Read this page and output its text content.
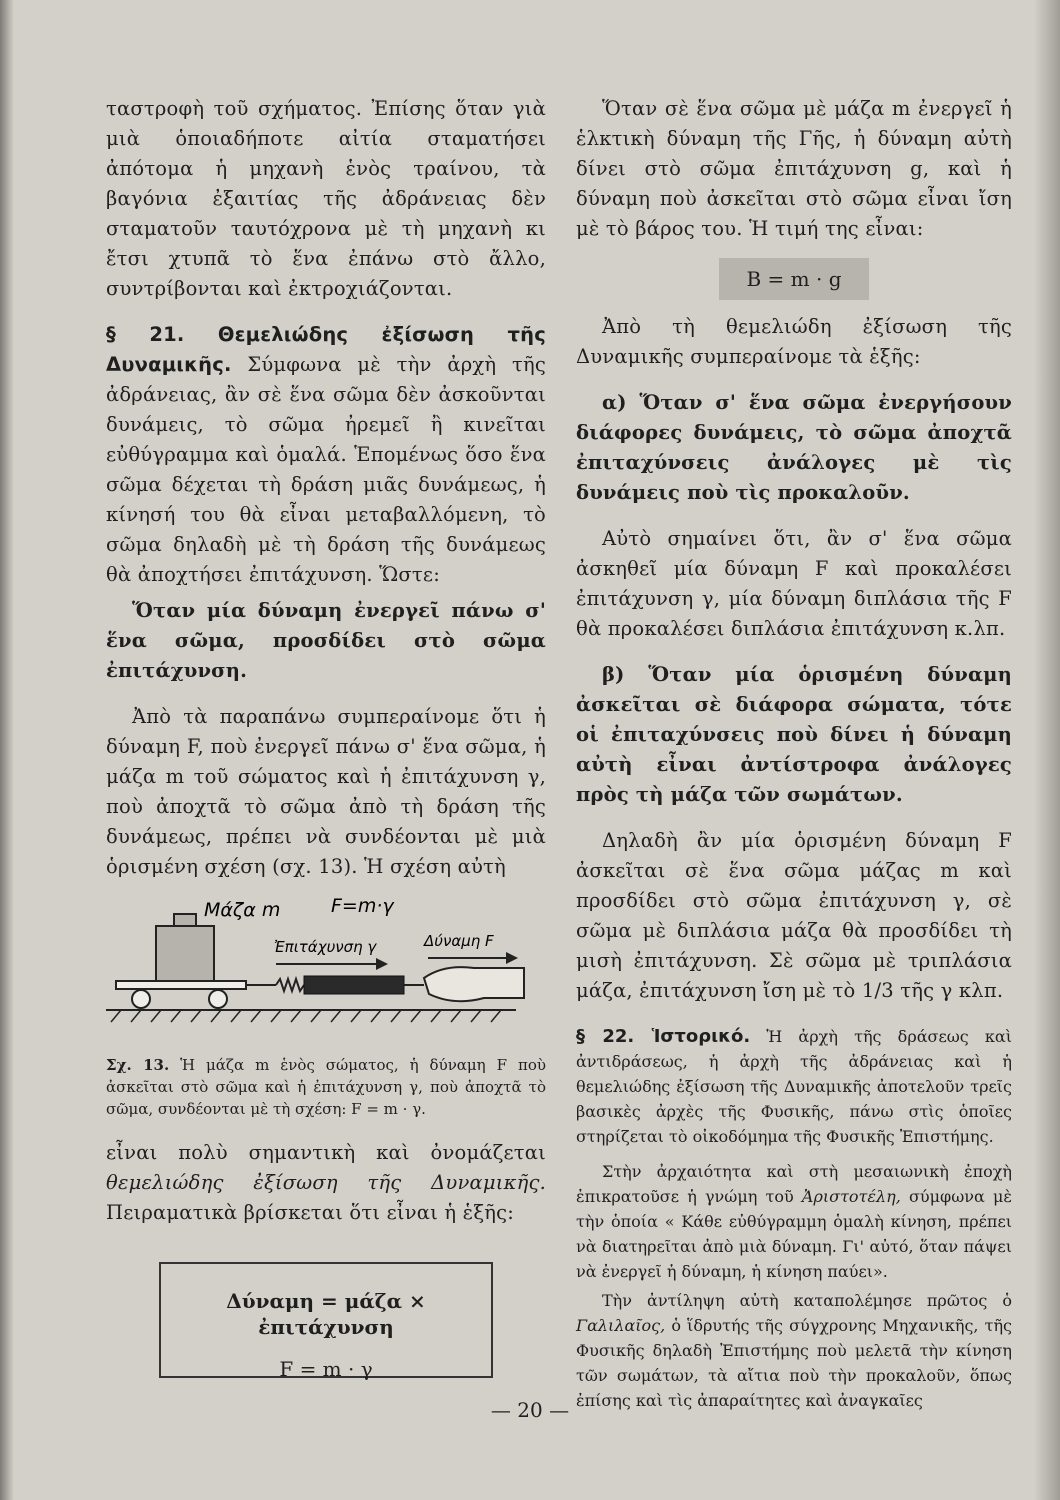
ταστροφὴ τοῦ σχήματος. Ἐπίσης ὅταν γιὰ μιὰ ὁποιαδήποτε αἰτία σταματήσει ἀπότομα ἡ μηχανὴ ἑνὸς τραίνου, τὰ βαγόνια ἐξαιτίας τῆς ἀδράνειας δὲν σταματοῦν ταυτόχρονα μὲ τὴ μηχανὴ κι ἔτσι χτυπᾶ τὸ ἕνα ἐπάνω στὸ ἄλλο, συντρίβονται καὶ ἐκτροχιάζονται.

§ 21. Θεμελιώδης ἐξίσωση τῆς Δυναμικῆς. Σύμφωνα μὲ τὴν ἀρχὴ τῆς ἀδράνειας, ἂν σὲ ἕνα σῶμα δὲν ἀσκοῦνται δυνάμεις, τὸ σῶμα ἠρεμεῖ ἢ κινεῖται εὐθύγραμμα καὶ ὁμαλά. Ἑπομένως ὅσο ἕνα σῶμα δέχεται τὴ δράση μιᾶς δυνάμεως, ἡ κίνησή του θὰ εἶναι μεταβαλλόμενη, τὸ σῶμα δηλαδὴ μὲ τὴ δράση τῆς δυνάμεως θὰ ἀποχτήσει ἐπιτάχυνση. Ὥστε:

Ὅταν μία δύναμη ἐνεργεῖ πάνω σ' ἕνα σῶμα, προσδίδει στὸ σῶμα ἐπιτάχυνση.

Ἀπὸ τὰ παραπάνω συμπεραίνομε ὅτι ἡ δύναμη F, ποὺ ἐνεργεῖ πάνω σ' ἕνα σῶμα, ἡ μάζα m τοῦ σώματος καὶ ἡ ἐπιτάχυνση γ, ποὺ ἀποχτᾶ τὸ σῶμα ἀπὸ τὴ δράση τῆς δυνάμεως, πρέπει νὰ συνδέονται μὲ μιὰ ὁρισμένη σχέση (σχ. 13). Ἡ σχέση αὐτὴ

Μάζα m	F=m·γ
Ἐπιτάχυνση γ	Δύναμη F

Σχ. 13. Ἡ μάζα m ἑνὸς σώματος, ἡ δύναμη F ποὺ ἀσκεῖται στὸ σῶμα καὶ ἡ ἐπιτάχυνση γ, ποὺ ἀποχτᾶ τὸ σῶμα, συνδέονται μὲ τὴ σχέση: F = m · γ.

εἶναι πολὺ σημαντικὴ καὶ ὀνομάζεται θεμελιώδης ἐξίσωση τῆς Δυναμικῆς. Πειραματικὰ βρίσκεται ὅτι εἶναι ἡ ἑξῆς:

Δύναμη = μάζα × ἐπιτάχυνση

F = m · γ

Ὅταν σὲ ἕνα σῶμα μὲ μάζα m ἐνεργεῖ ἡ ἑλκτικὴ δύναμη τῆς Γῆς, ἡ δύναμη αὐτὴ δίνει στὸ σῶμα ἐπιτάχυνση g, καὶ ἡ δύναμη ποὺ ἀσκεῖται στὸ σῶμα εἶναι ἴση μὲ τὸ βάρος του. Ἡ τιμή της εἶναι:

B = m · g

Ἀπὸ τὴ θεμελιώδη ἐξίσωση τῆς Δυναμικῆς συμπεραίνομε τὰ ἑξῆς:

α) Ὅταν σ' ἕνα σῶμα ἐνεργήσουν διάφορες δυνάμεις, τὸ σῶμα ἀποχτᾶ ἐπιταχύνσεις ἀνάλογες μὲ τὶς δυνάμεις ποὺ τὶς προκαλοῦν.

Αὐτὸ σημαίνει ὅτι, ἂν σ' ἕνα σῶμα ἀσκηθεῖ μία δύναμη F καὶ προκαλέσει ἐπιτάχυνση γ, μία δύναμη διπλάσια τῆς F θὰ προκαλέσει διπλάσια ἐπιτάχυνση κ.λπ.

β) Ὅταν μία ὁρισμένη δύναμη ἀσκεῖται σὲ διάφορα σώματα, τότε οἱ ἐπιταχύνσεις ποὺ δίνει ἡ δύναμη αὐτὴ εἶναι ἀντίστροφα ἀνάλογες πρὸς τὴ μάζα τῶν σωμάτων.

Δηλαδὴ ἂν μία ὁρισμένη δύναμη F ἀσκεῖται σὲ ἕνα σῶμα μάζας m καὶ προσδίδει στὸ σῶμα ἐπιτάχυνση γ, σὲ σῶμα μὲ διπλάσια μάζα θὰ προσδίδει τὴ μισὴ ἐπιτάχυνση. Σὲ σῶμα μὲ τριπλάσια μάζα, ἐπιτάχυνση ἴση μὲ τὸ 1/3 τῆς γ κλπ.

§ 22. Ἱστορικό. Ἡ ἀρχὴ τῆς δράσεως καὶ ἀντιδράσεως, ἡ ἀρχὴ τῆς ἀδράνειας καὶ ἡ θεμελιώδης ἐξίσωση τῆς Δυναμικῆς ἀποτελοῦν τρεῖς βασικὲς ἀρχὲς τῆς Φυσικῆς, πάνω στὶς ὁποῖες στηρίζεται τὸ οἰκοδόμημα τῆς Φυσικῆς Ἐπιστήμης.

Στὴν ἀρχαιότητα καὶ στὴ μεσαιωνικὴ ἐποχὴ ἐπικρατοῦσε ἡ γνώμη τοῦ Ἀριστοτέλη, σύμφωνα μὲ τὴν ὁποία « Κάθε εὐθύγραμμη ὁμαλὴ κίνηση, πρέπει νὰ διατηρεῖται ἀπὸ μιὰ δύναμη. Γι' αὐτό, ὅταν πάψει νὰ ἐνεργεῖ ἡ δύναμη, ἡ κίνηση παύει».

Τὴν ἀντίληψη αὐτὴ καταπολέμησε πρῶτος ὁ Γαλιλαῖος, ὁ ἵδρυτής τῆς σύγχρονης Μηχανικῆς, τῆς Φυσικῆς δηλαδὴ Ἐπιστήμης ποὺ μελετᾶ τὴν κίνηση τῶν σωμάτων, τὰ αἴτια ποὺ τὴν προκαλοῦν, ὅπως ἐπίσης καὶ τὶς ἀπαραίτητες καὶ ἀναγκαῖες

— 20 —
